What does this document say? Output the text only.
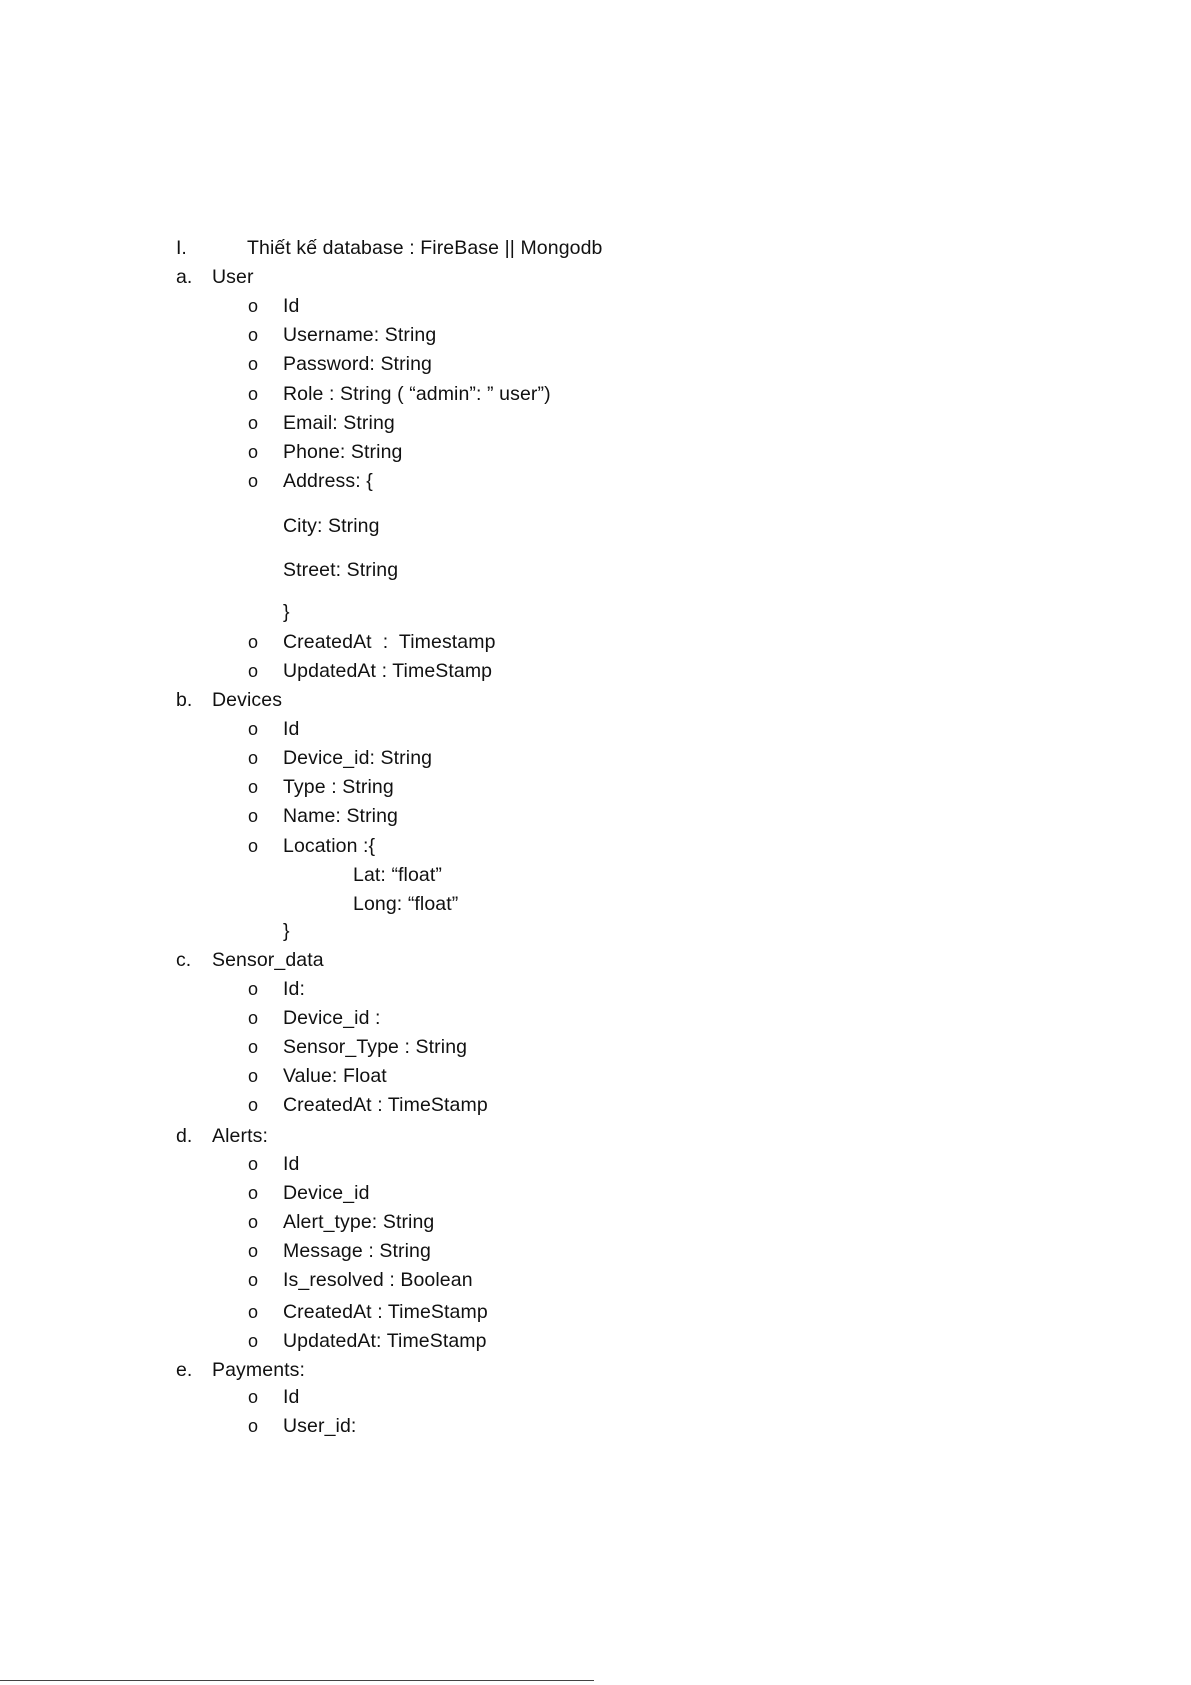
I.	Thiết kế database : FireBase || Mongodb
a. User
o Id
o Username: String
o Password: String
o Role : String ( “admin”: ” user”)
o Email: String
o Phone: String
o Address: {
City: String
Street: String
}
o CreatedAt  :  Timestamp
o UpdatedAt : TimeStamp
b. Devices
o Id
o Device_id: String
o Type : String
o Name: String
o Location :{
Lat: “float”
Long: “float”
}
c. Sensor_data
o Id:
o Device_id :
o Sensor_Type : String
o Value: Float
o CreatedAt : TimeStamp
d. Alerts:
o Id
o Device_id
o Alert_type: String
o Message : String
o Is_resolved : Boolean
o CreatedAt : TimeStamp
o UpdatedAt: TimeStamp
e. Payments:
o Id
o User_id:
